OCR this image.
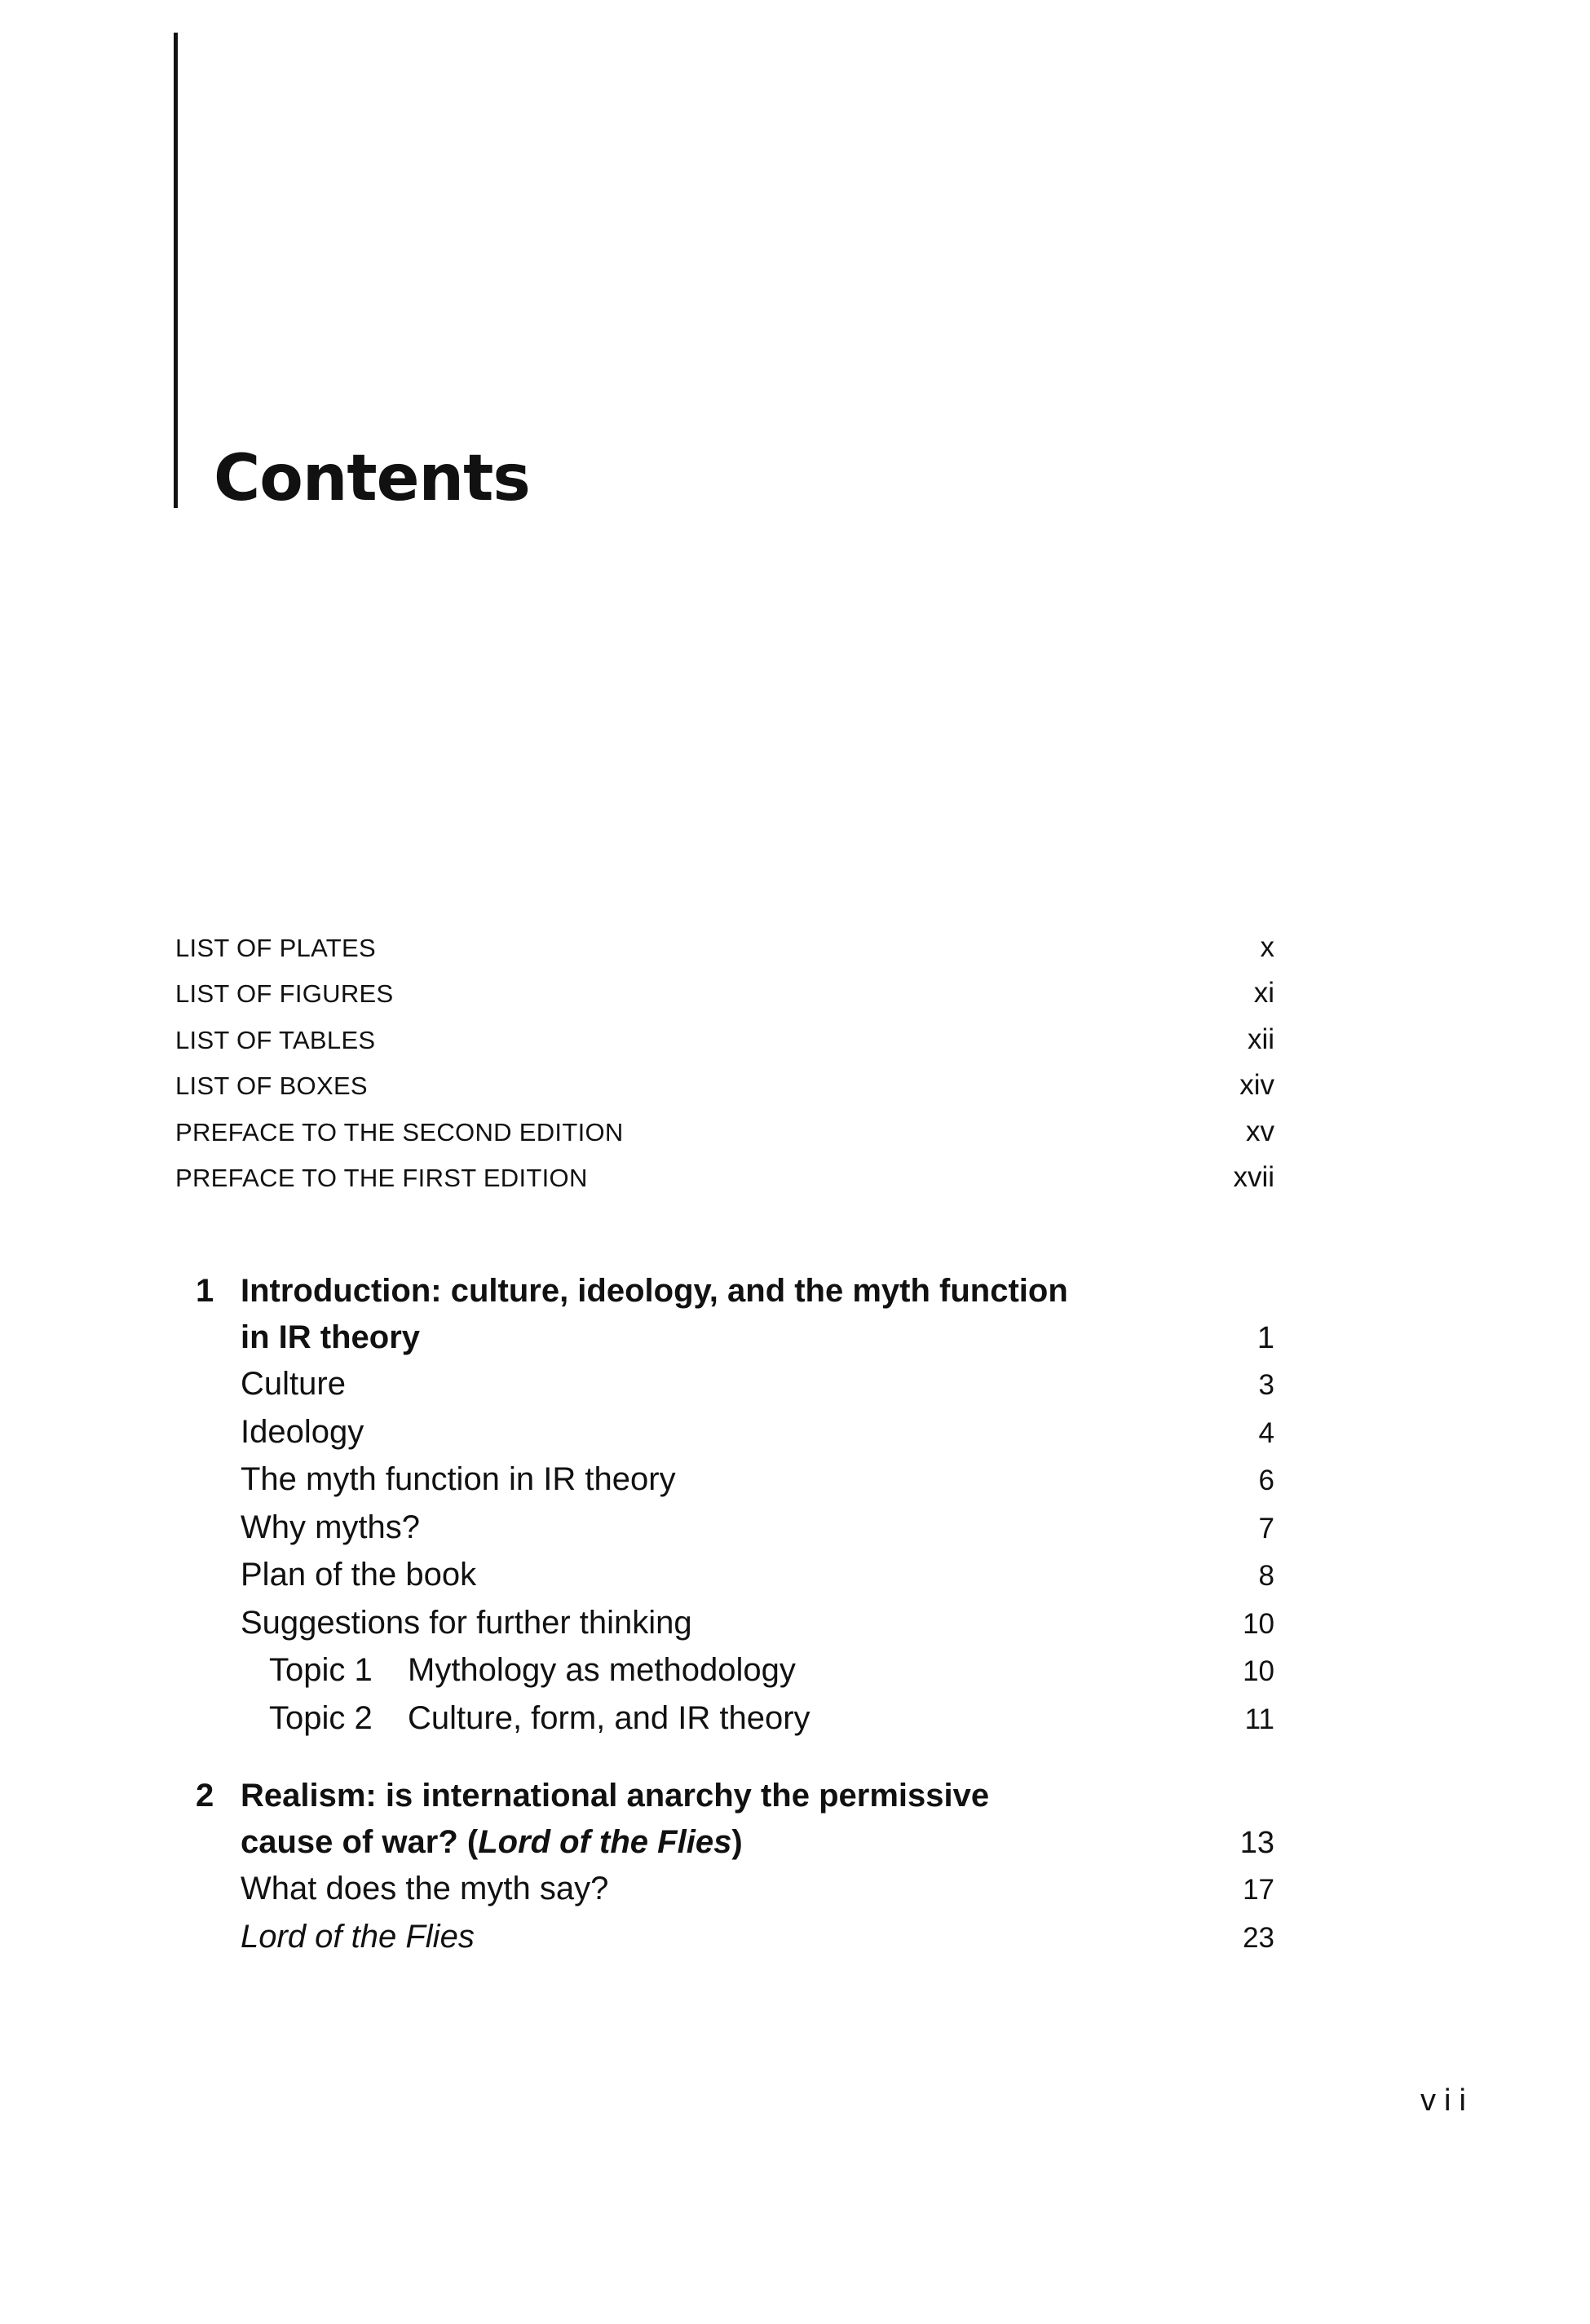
Contents
LIST OF PLATES	x
LIST OF FIGURES	xi
LIST OF TABLES	xii
LIST OF BOXES	xiv
PREFACE TO THE SECOND EDITION	xv
PREFACE TO THE FIRST EDITION	xvii
1 Introduction: culture, ideology, and the myth function
in IR theory	1
Culture	3
Ideology	4
The myth function in IR theory	6
Why myths?	7
Plan of the book	8
Suggestions for further thinking	10
Topic 1 Mythology as methodology	10
Topic 2 Culture, form, and IR theory	11
2 Realism: is international anarchy the permissive
cause of war? (Lord of the Flies)	13
What does the myth say?	17
Lord of the Flies	23
vii
